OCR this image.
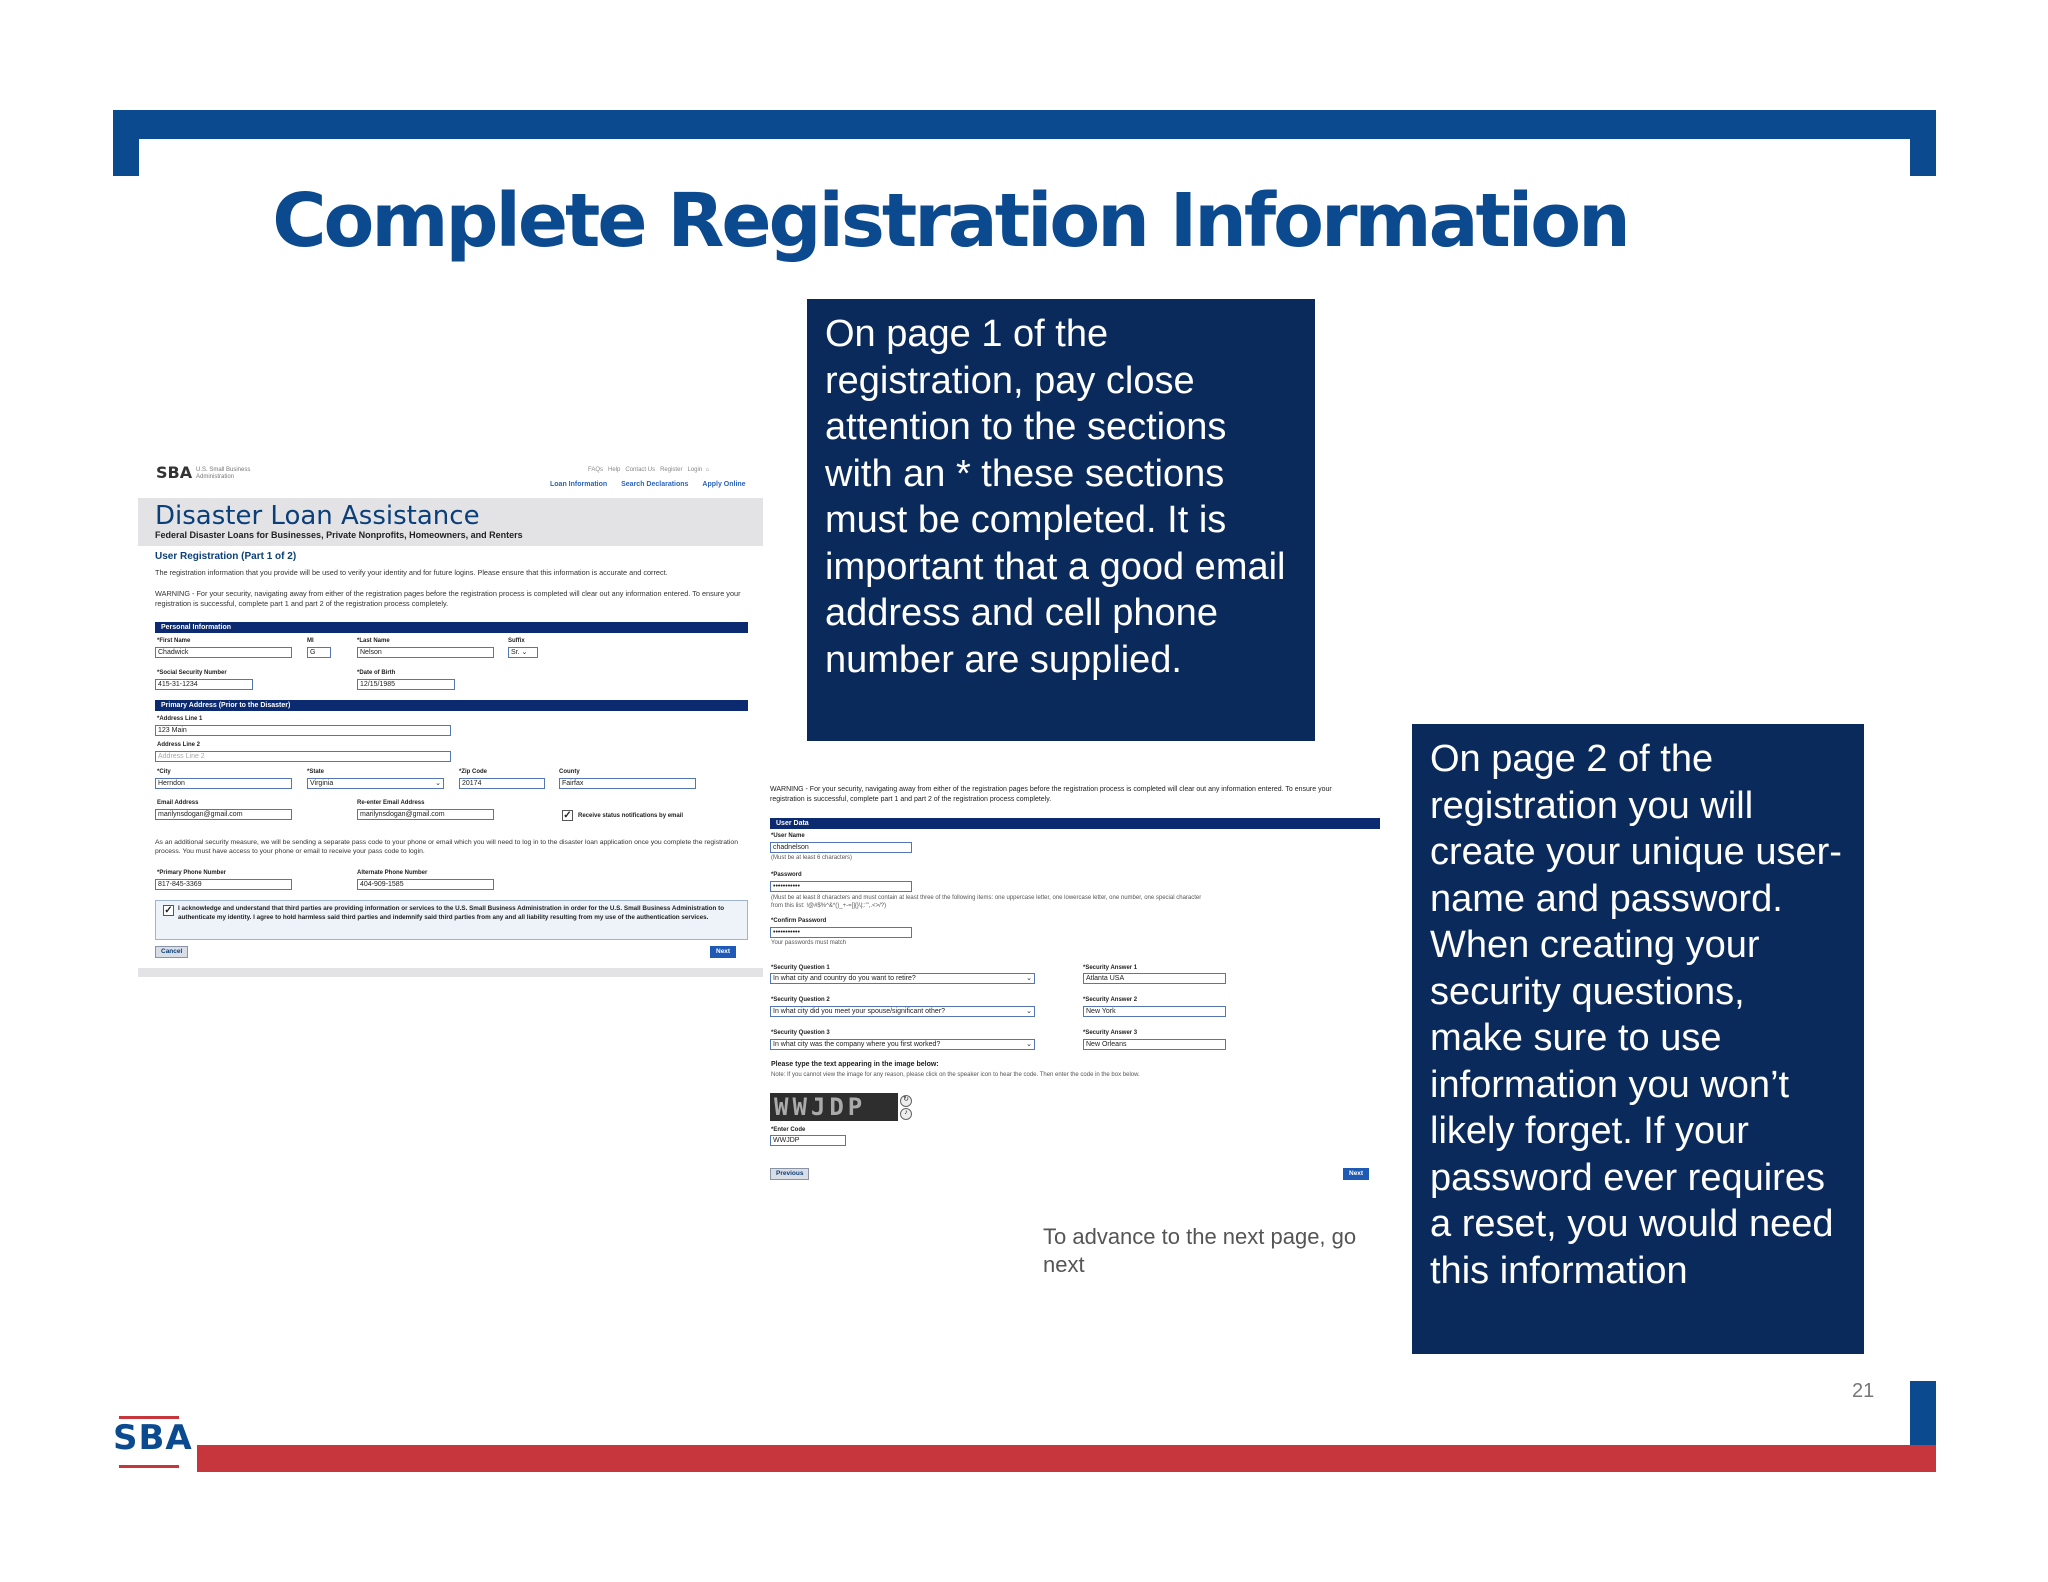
Complete Registration Information
On page 1 of the registration, pay close attention to the sections with an * these sections must be completed. It is important that a good email address and cell phone number are supplied.
On page 2 of the registration you will create your unique user-name and password. When creating your security questions, make sure to use information you won’t likely forget. If your password ever requires a reset, you would need this information
To advance to the next page, go next
21
SBA
SBA U.S. Small Business Administration
FAQs Help Contact Us Register Login ⌂
Loan Information Search Declarations Apply Online
Disaster Loan Assistance
Federal Disaster Loans for Businesses, Private Nonprofits, Homeowners, and Renters
User Registration (Part 1 of 2)
The registration information that you provide will be used to verify your identity and for future logins. Please ensure that this information is accurate and correct.
WARNING - For your security, navigating away from either of the registration pages before the registration process is completed will clear out any information entered. To ensure your registration is successful, complete part 1 and part 2 of the registration process completely.
Personal Information
*First Name
Chadwick
MI
G
*Last Name
Nelson
Suffix
Sr. ⌄
*Social Security Number
415-31-1234
*Date of Birth
12/15/1985
Primary Address (Prior to the Disaster)
*Address Line 1
123 Main
Address Line 2
Address Line 2
*City
Herndon
*State
Virginia	⌄
*Zip Code
20174
County
Fairfax
Email Address
marilynsdogan@gmail.com
Re-enter Email Address
marilynsdogan@gmail.com	✓ Receive status notifications by email
As an additional security measure, we will be sending a separate pass code to your phone or email which you will need to log in to the disaster loan application once you complete the registration process. You must have access to your phone or email to receive your pass code to login.
*Primary Phone Number
817-845-3369
Alternate Phone Number
404-909-1585
✓ I acknowledge and understand that third parties are providing information or services to the U.S. Small Business Administration in order for the U.S. Small Business Administration to authenticate my identity. I agree to hold harmless said third parties and indemnify said third parties from any and all liability resulting from my use of the authentication services.
Cancel	Next
WARNING - For your security, navigating away from either of the registration pages before the registration process is completed will clear out any information entered. To ensure your registration is successful, complete part 1 and part 2 of the registration process completely.
User Data
*User Name
chadnelson
(Must be at least 6 characters)
*Password
•••••••••••
(Must be at least 8 characters and must contain at least three of the following items: one uppercase letter, one lowercase letter, one number, one special character from this list: !@#$%^&*()_+-=[]{}\|;:'",.<>/?)
*Confirm Password
•••••••••••
Your passwords must match
*Security Question 1
In what city and country do you want to retire?	⌄
*Security Answer 1
Atlanta USA
*Security Question 2
In what city did you meet your spouse/significant other?	⌄
*Security Answer 2
New York
*Security Question 3
In what city was the company where you first worked?	⌄
*Security Answer 3
New Orleans
Please type the text appearing in the image below:
Note: If you cannot view the image for any reason, please click on the speaker icon to hear the code. Then enter the code in the box below.
WWJDP	↻
♪
*Enter Code
WWJDP
Previous	Next
